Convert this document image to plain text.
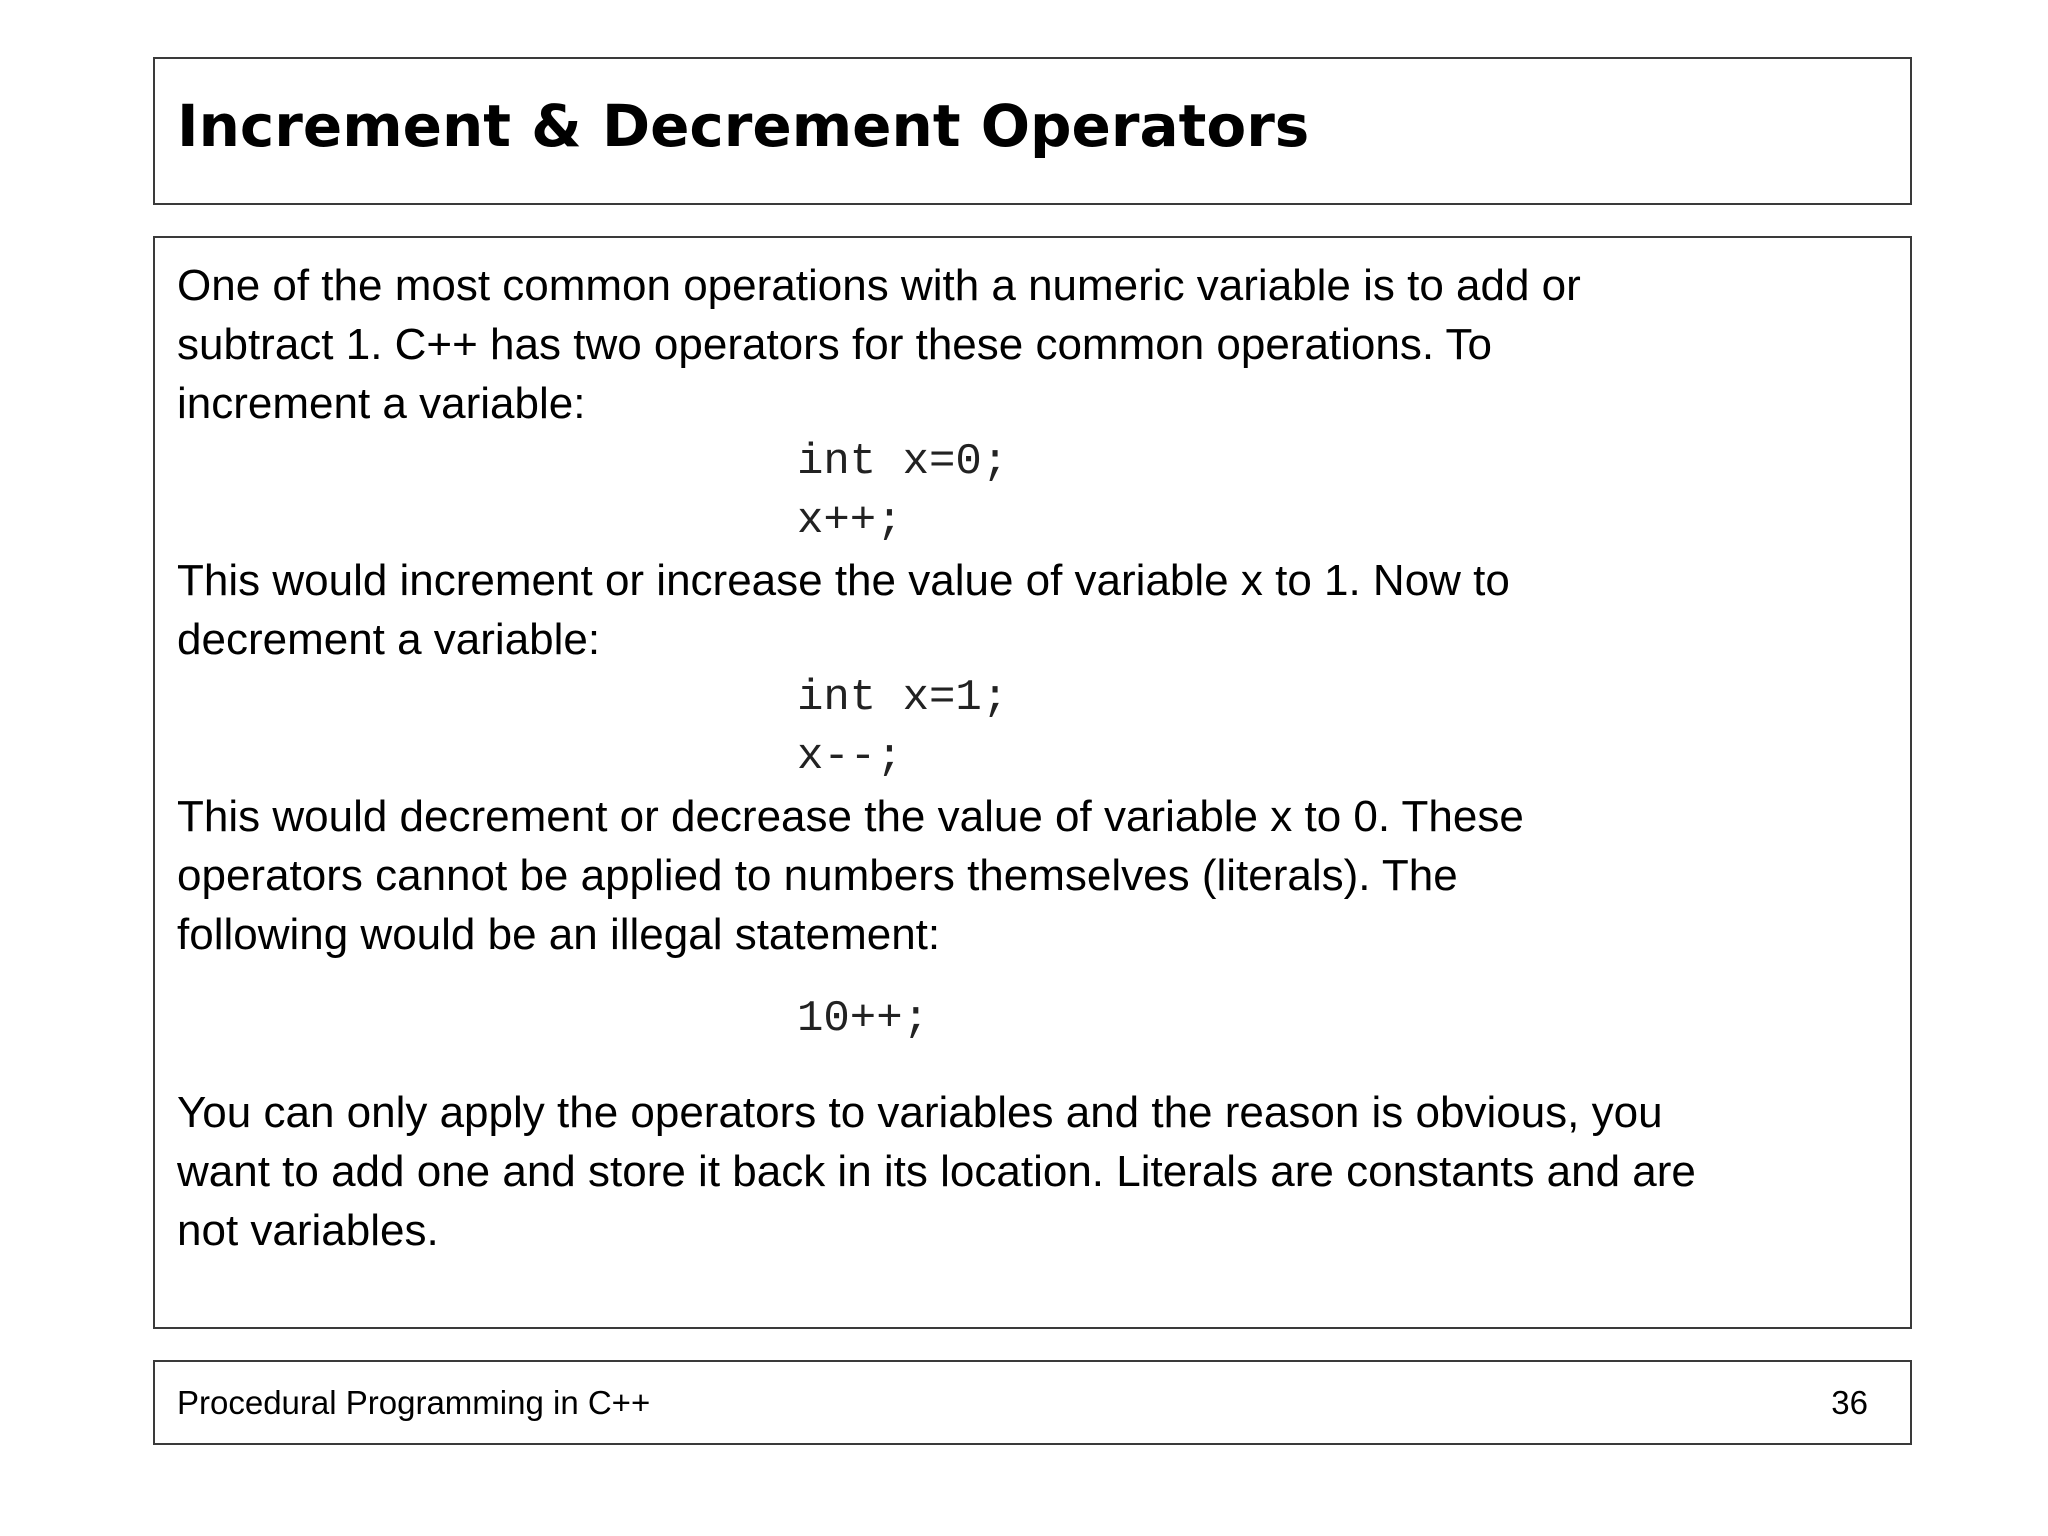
Increment & Decrement Operators

One of the most common operations with a numeric variable is to add or

subtract 1. C++ has two operators for these common operations. To

increment a variable:

int x=0;
x++;

This would increment or increase the value of variable x to 1. Now to

decrement a variable:

int x=1;
x--;

This would decrement or decrease the value of variable x to 0. These

operators cannot be applied to numbers themselves (literals). The

following would be an illegal statement:

10++;

You can only apply the operators to variables and the reason is obvious, you

want to add one and store it back in its location. Literals are constants and are

not variables.

Procedural Programming in C++	36
